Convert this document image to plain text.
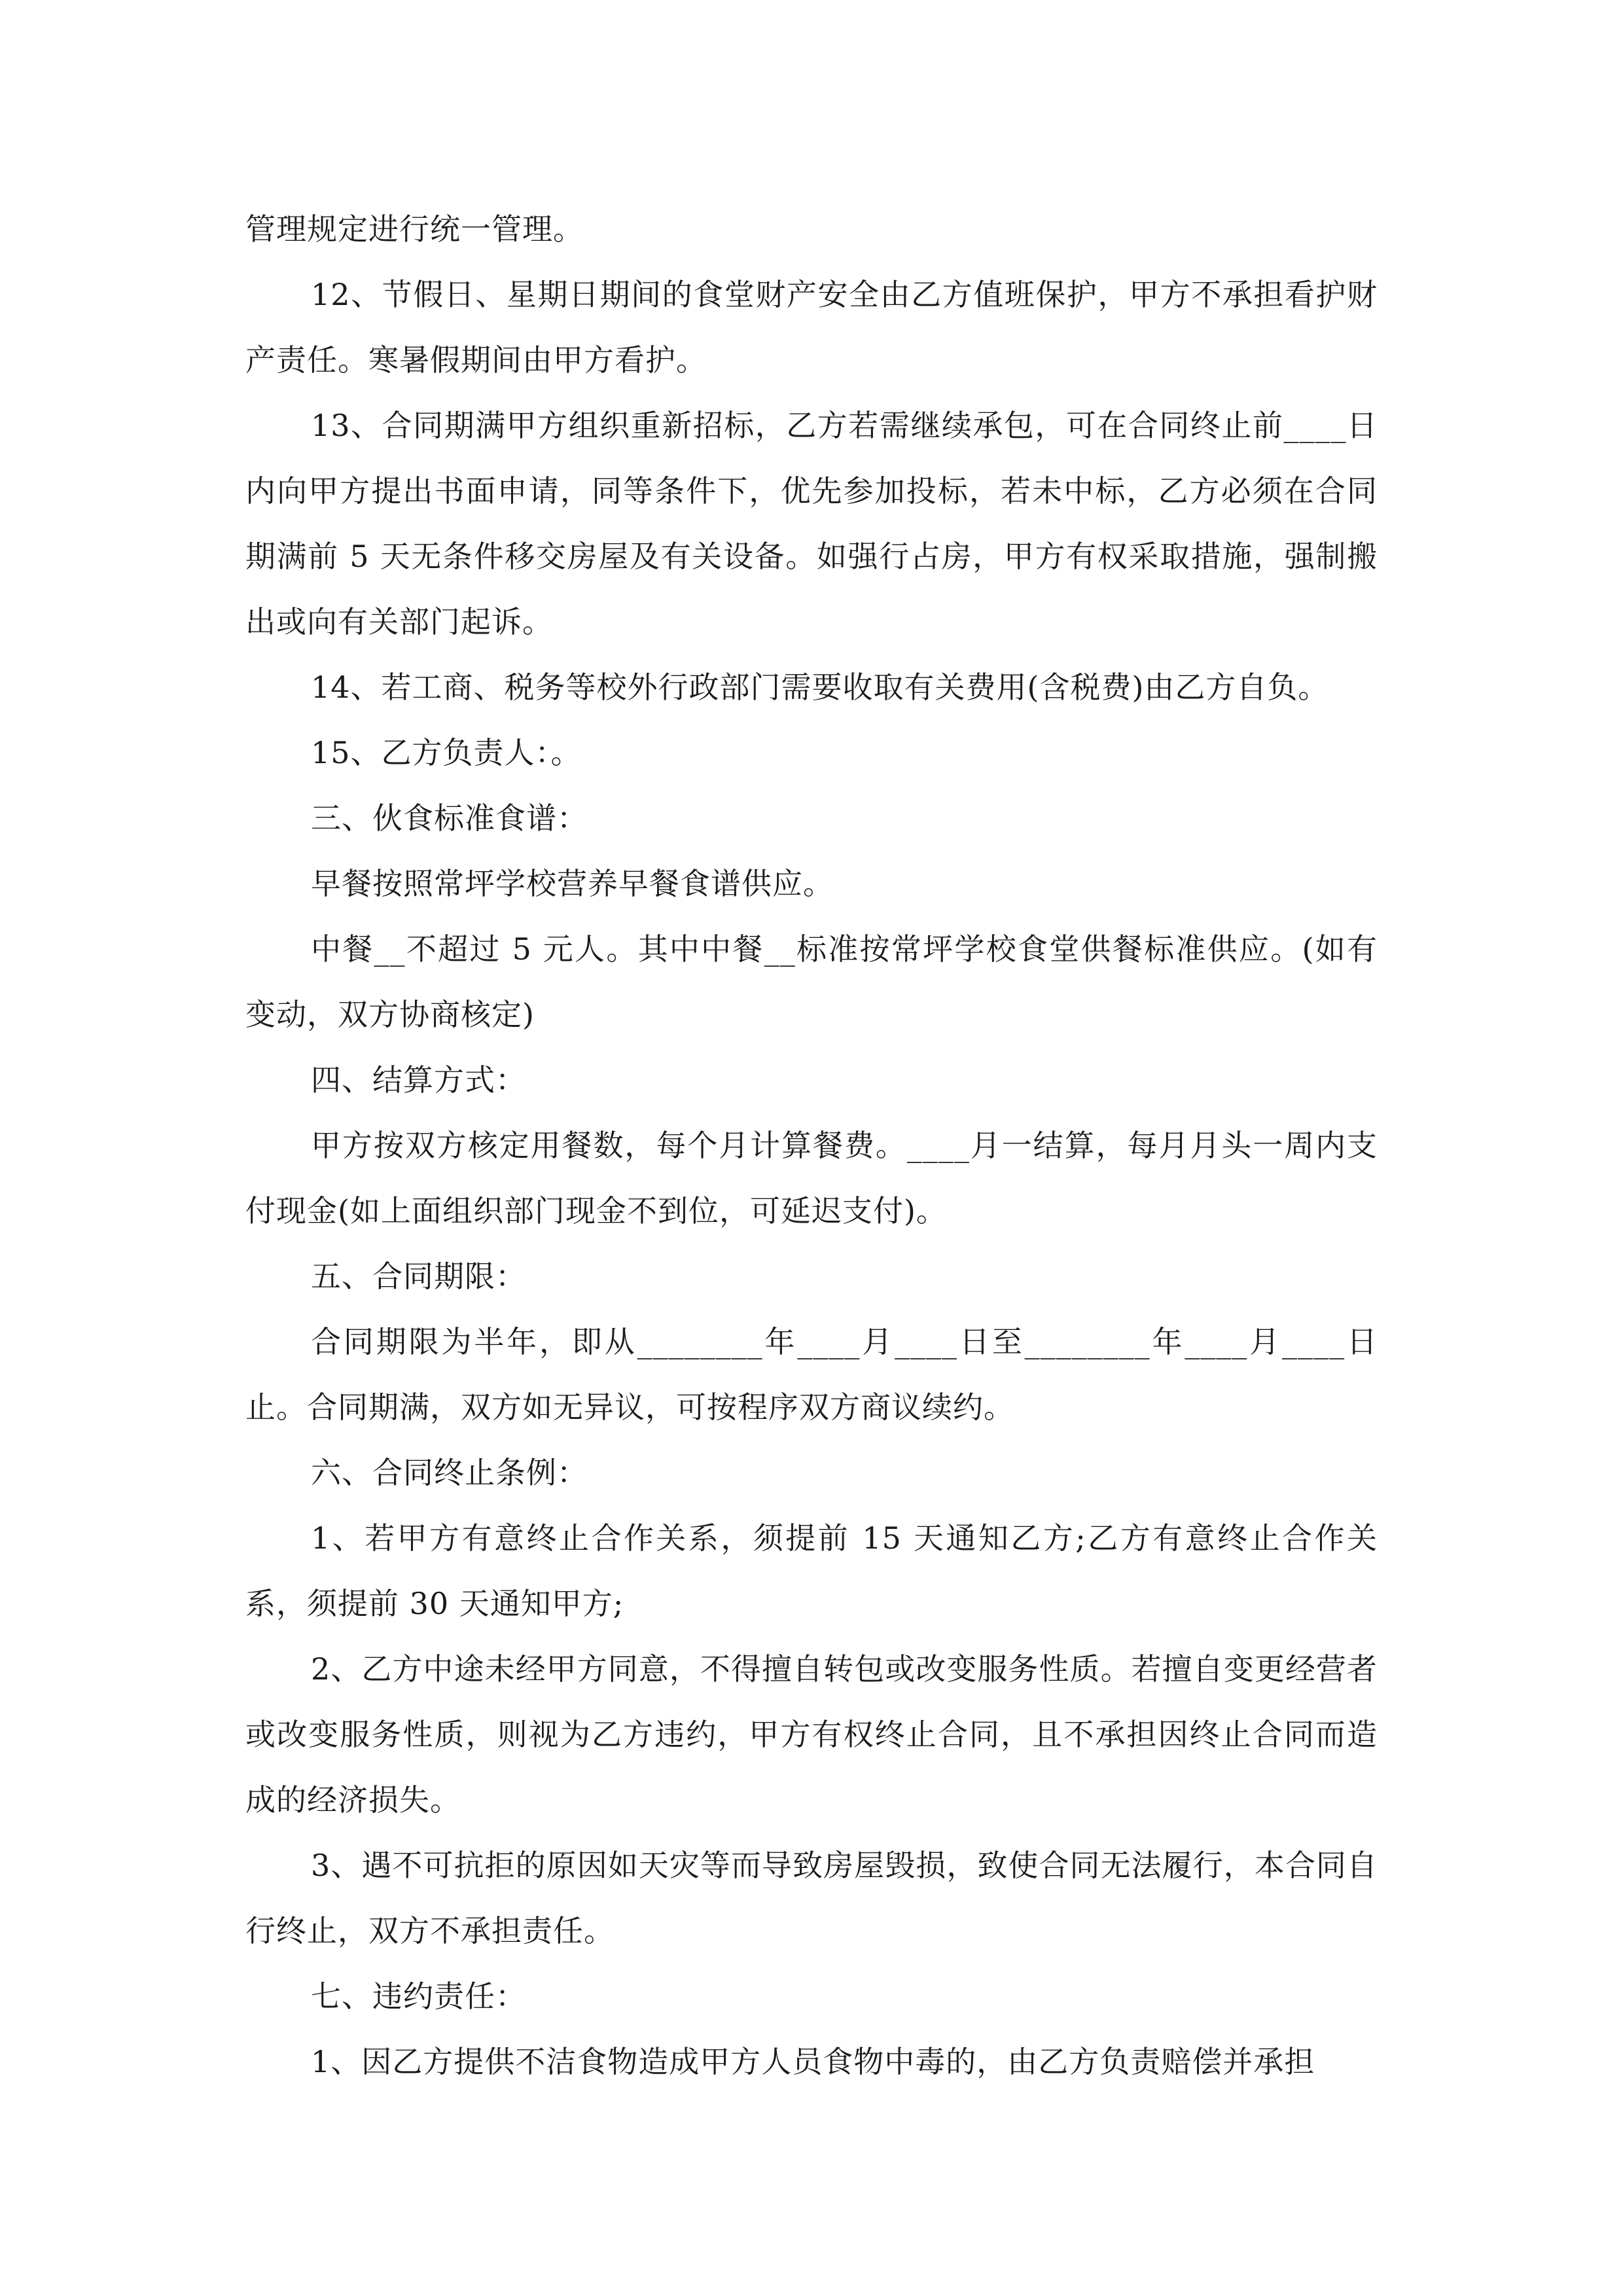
管理规定进行统一管理。

12、节假日、星期日期间的食堂财产安全由乙方值班保护，甲方不承担看护财产责任。寒暑假期间由甲方看护。

13、合同期满甲方组织重新招标，乙方若需继续承包，可在合同终止前____日内向甲方提出书面申请，同等条件下，优先参加投标，若未中标，乙方必须在合同期满前 5 天无条件移交房屋及有关设备。如强行占房，甲方有权采取措施，强制搬出或向有关部门起诉。

14、若工商、税务等校外行政部门需要收取有关费用(含税费)由乙方自负。

15、乙方负责人：。

三、伙食标准食谱：

早餐按照常坪学校营养早餐食谱供应。

中餐__不超过 5 元人。其中中餐__标准按常坪学校食堂供餐标准供应。(如有变动，双方协商核定)

四、结算方式：

甲方按双方核定用餐数，每个月计算餐费。____月一结算，每月月头一周内支付现金(如上面组织部门现金不到位，可延迟支付)。

五、合同期限：

合同期限为半年，即从________年____月____日至________年____月____日止。合同期满，双方如无异议，可按程序双方商议续约。

六、合同终止条例：

1、若甲方有意终止合作关系，须提前 15 天通知乙方;乙方有意终止合作关系，须提前 30 天通知甲方;

2、乙方中途未经甲方同意，不得擅自转包或改变服务性质。若擅自变更经营者或改变服务性质，则视为乙方违约，甲方有权终止合同，且不承担因终止合同而造成的经济损失。

3、遇不可抗拒的原因如天灾等而导致房屋毁损，致使合同无法履行，本合同自行终止，双方不承担责任。

七、违约责任：

1、因乙方提供不洁食物造成甲方人员食物中毒的，由乙方负责赔偿并承担
